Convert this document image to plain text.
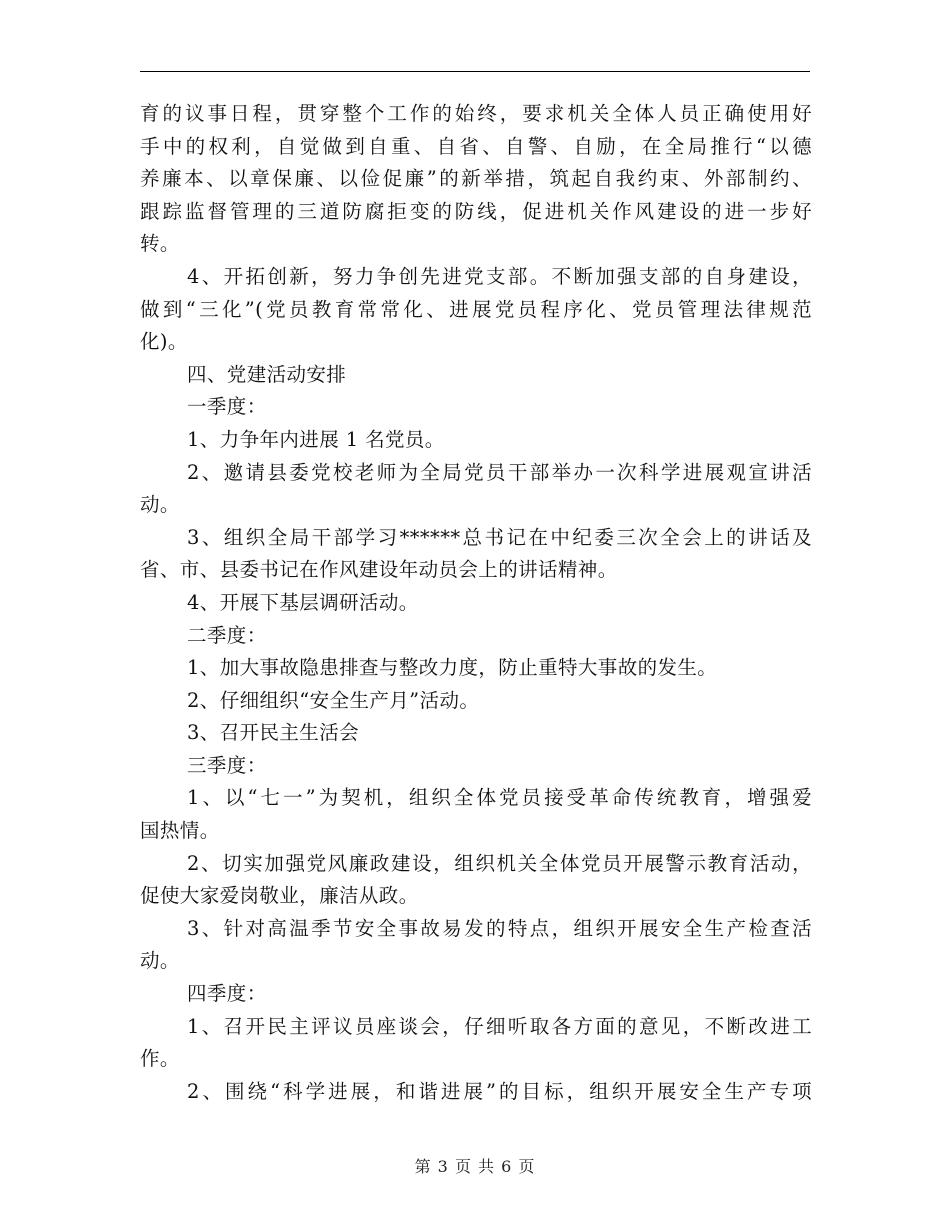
育的议事日程，贯穿整个工作的始终，要求机关全体人员正确使用好
手中的权利，自觉做到自重、自省、自警、自励，在全局推行“以德
养廉本、以章保廉、以俭促廉”的新举措，筑起自我约束、外部制约、
跟踪监督管理的三道防腐拒变的防线，促进机关作风建设的进一步好
转。
4、开拓创新，努力争创先进党支部。不断加强支部的自身建设，
做到“三化”(党员教育常常化、进展党员程序化、党员管理法律规范
化)。
四、党建活动安排
一季度：
1、力争年内进展 1 名党员。
2、邀请县委党校老师为全局党员干部举办一次科学进展观宣讲活
动。
3、组织全局干部学习******总书记在中纪委三次全会上的讲话及
省、市、县委书记在作风建设年动员会上的讲话精神。
4、开展下基层调研活动。
二季度：
1、加大事故隐患排查与整改力度，防止重特大事故的发生。
2、仔细组织“安全生产月”活动。
3、召开民主生活会
三季度：
1、以“七一”为契机，组织全体党员接受革命传统教育，增强爱
国热情。
2、切实加强党风廉政建设，组织机关全体党员开展警示教育活动，
促使大家爱岗敬业，廉洁从政。
3、针对高温季节安全事故易发的特点，组织开展安全生产检查活
动。
四季度：
1、召开民主评议员座谈会，仔细听取各方面的意见，不断改进工
作。
2、围绕“科学进展，和谐进展”的目标，组织开展安全生产专项
第 3 页 共 6 页
